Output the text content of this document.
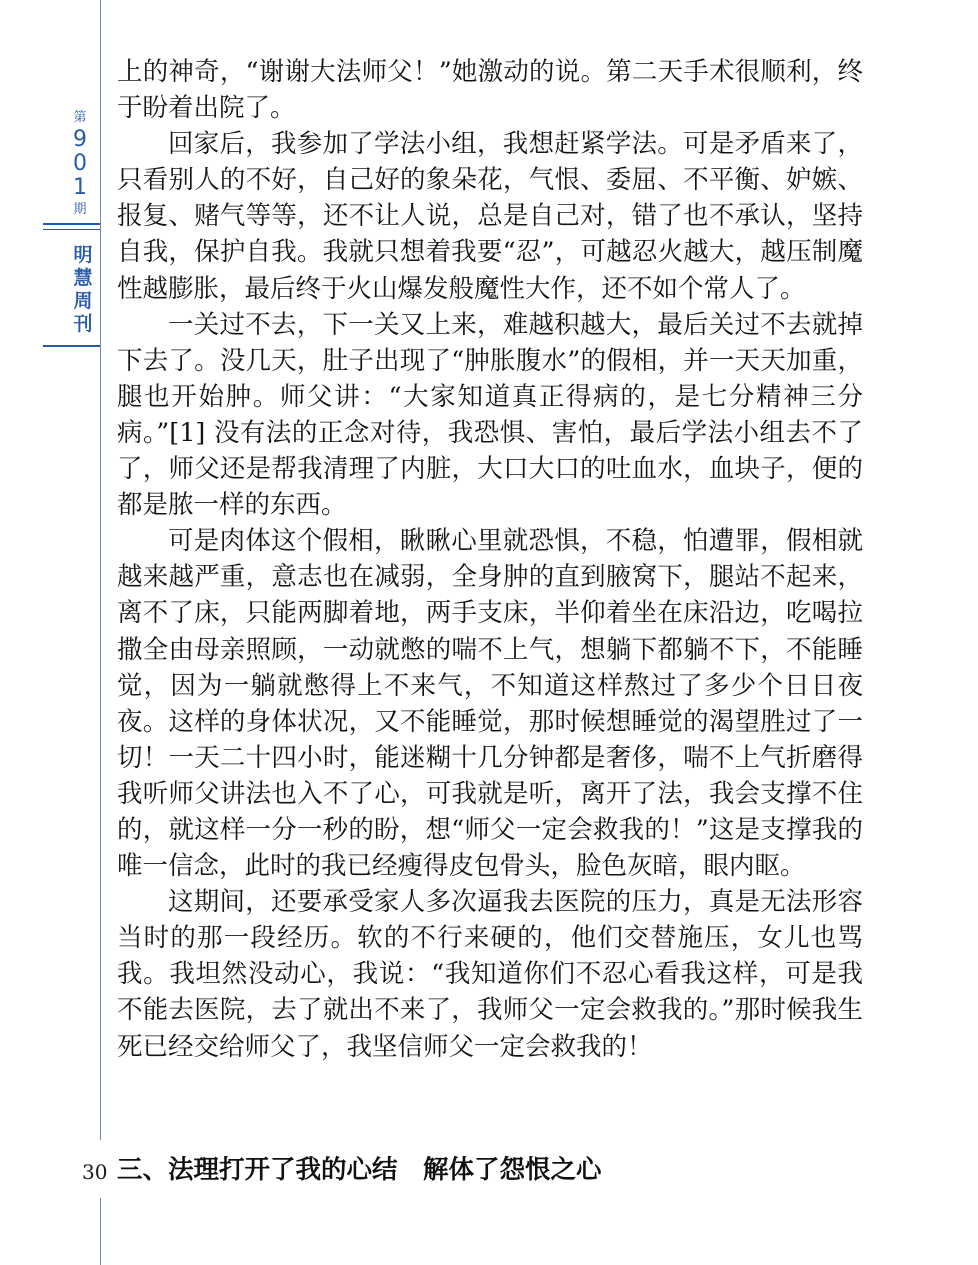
第
9
0
1
期
明
慧
周
刊

上的神奇，“谢谢大法师父！”她激动的说。第二天手术很顺利，终于盼着出院了。

回家后，我参加了学法小组，我想赶紧学法。可是矛盾来了，只看别人的不好，自己好的象朵花，气恨、委屈、不平衡、妒嫉、报复、赌气等等，还不让人说，总是自己对，错了也不承认，坚持自我，保护自我。我就只想着我要“忍”，可越忍火越大，越压制魔性越膨胀，最后终于火山爆发般魔性大作，还不如个常人了。

一关过不去，下一关又上来，难越积越大，最后关过不去就掉下去了。没几天，肚子出现了“肿胀腹水”的假相，并一天天加重，腿也开始肿。师父讲：“大家知道真正得病的，是七分精神三分病。”[1] 没有法的正念对待，我恐惧、害怕，最后学法小组去不了了，师父还是帮我清理了内脏，大口大口的吐血水，血块子，便的都是脓一样的东西。

可是肉体这个假相，瞅瞅心里就恐惧，不稳，怕遭罪，假相就越来越严重，意志也在减弱，全身肿的直到腋窝下，腿站不起来，离不了床，只能两脚着地，两手支床，半仰着坐在床沿边，吃喝拉撒全由母亲照顾，一动就憋的喘不上气，想躺下都躺不下，不能睡觉，因为一躺就憋得上不来气，不知道这样熬过了多少个日日夜夜。这样的身体状况，又不能睡觉，那时候想睡觉的渴望胜过了一切！一天二十四小时，能迷糊十几分钟都是奢侈，喘不上气折磨得我听师父讲法也入不了心，可我就是听，离开了法，我会支撑不住的，就这样一分一秒的盼，想“师父一定会救我的！”这是支撑我的唯一信念，此时的我已经瘦得皮包骨头，脸色灰暗，眼内眍。

这期间，还要承受家人多次逼我去医院的压力，真是无法形容当时的那一段经历。软的不行来硬的，他们交替施压，女儿也骂我。我坦然没动心，我说：“我知道你们不忍心看我这样，可是我不能去医院，去了就出不来了，我师父一定会救我的。”那时候我生死已经交给师父了，我坚信师父一定会救我的！

30 三、法理打开了我的心结　解体了怨恨之心
